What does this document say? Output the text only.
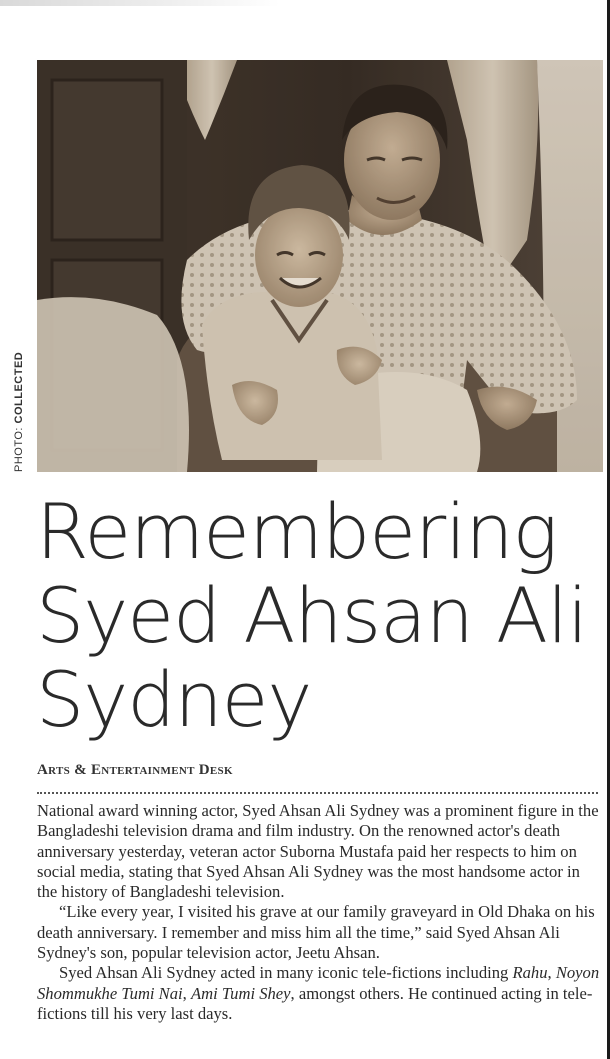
PHOTO: COLLECTED
Remembering
Syed Ahsan Ali
Sydney
Arts & Entertainment Desk

National award winning actor, Syed Ahsan Ali Sydney was a prominent figure in the Bangladeshi television drama and film industry. On the renowned actor's death anniversary yesterday, veteran actor Suborna Mustafa paid her respects to him on social media, stating that Syed Ahsan Ali Sydney was the most handsome actor in the history of Bangladeshi television.

“Like every year, I visited his grave at our family graveyard in Old Dhaka on his death anniversary. I remember and miss him all the time,” said Syed Ahsan Ali Sydney's son, popular television actor, Jeetu Ahsan.

Syed Ahsan Ali Sydney acted in many iconic tele-fictions including Rahu, Noyon Shommukhe Tumi Nai, Ami Tumi Shey, amongst others. He continued acting in tele-fictions till his very last days.
